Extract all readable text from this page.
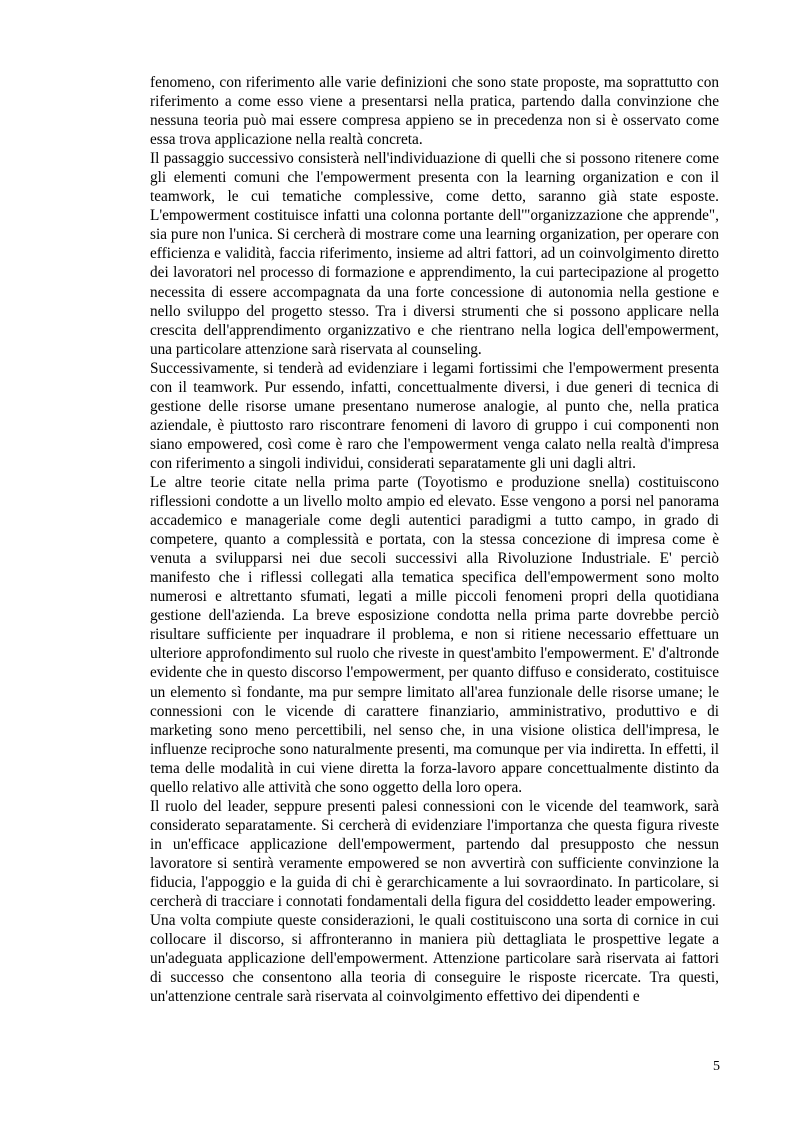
fenomeno, con riferimento alle varie definizioni che sono state proposte, ma soprattutto con riferimento a come esso viene a presentarsi nella pratica, partendo dalla convinzione che nessuna teoria può mai essere compresa appieno se in precedenza non si è osservato come essa trova applicazione nella realtà concreta.

Il passaggio successivo consisterà nell'individuazione di quelli che si possono ritenere come gli elementi comuni che l'empowerment presenta con la learning organization e con il teamwork, le cui tematiche complessive, come detto, saranno già state esposte. L'empowerment costituisce infatti una colonna portante dell'"organizzazione che apprende", sia pure non l'unica. Si cercherà di mostrare come una learning organization, per operare con efficienza e validità, faccia riferimento, insieme ad altri fattori, ad un coinvolgimento diretto dei lavoratori nel processo di formazione e apprendimento, la cui partecipazione al progetto necessita di essere accompagnata da una forte concessione di autonomia nella gestione e nello sviluppo del progetto stesso. Tra i diversi strumenti che si possono applicare nella crescita dell'apprendimento organizzativo e che rientrano nella logica dell'empowerment, una particolare attenzione sarà riservata al counseling.

Successivamente, si tenderà ad evidenziare i legami fortissimi che l'empowerment presenta con il teamwork. Pur essendo, infatti, concettualmente diversi, i due generi di tecnica di gestione delle risorse umane presentano numerose analogie, al punto che, nella pratica aziendale, è piuttosto raro riscontrare fenomeni di lavoro di gruppo i cui componenti non siano empowered, così come è raro che l'empowerment venga calato nella realtà d'impresa con riferimento a singoli individui, considerati separatamente gli uni dagli altri.

Le altre teorie citate nella prima parte (Toyotismo e produzione snella) costituiscono riflessioni condotte a un livello molto ampio ed elevato. Esse vengono a porsi nel panorama accademico e manageriale come degli autentici paradigmi a tutto campo, in grado di competere, quanto a complessità e portata, con la stessa concezione di impresa come è venuta a svilupparsi nei due secoli successivi alla Rivoluzione Industriale. E' perciò manifesto che i riflessi collegati alla tematica specifica dell'empowerment sono molto numerosi e altrettanto sfumati, legati a mille piccoli fenomeni propri della quotidiana gestione dell'azienda. La breve esposizione condotta nella prima parte dovrebbe perciò risultare sufficiente per inquadrare il problema, e non si ritiene necessario effettuare un ulteriore approfondimento sul ruolo che riveste in quest'ambito l'empowerment. E' d'altronde evidente che in questo discorso l'empowerment, per quanto diffuso e considerato, costituisce un elemento sì fondante, ma pur sempre limitato all'area funzionale delle risorse umane; le connessioni con le vicende di carattere finanziario, amministrativo, produttivo e di marketing sono meno percettibili, nel senso che, in una visione olistica dell'impresa, le influenze reciproche sono naturalmente presenti, ma comunque per via indiretta. In effetti, il tema delle modalità in cui viene diretta la forza-lavoro appare concettualmente distinto da quello relativo alle attività che sono oggetto della loro opera.

Il ruolo del leader, seppure presenti palesi connessioni con le vicende del teamwork, sarà considerato separatamente. Si cercherà di evidenziare l'importanza che questa figura riveste in un'efficace applicazione dell'empowerment, partendo dal presupposto che nessun lavoratore si sentirà veramente empowered se non avvertirà con sufficiente convinzione la fiducia, l'appoggio e la guida di chi è gerarchicamente a lui sovraordinato. In particolare, si cercherà di tracciare i connotati fondamentali della figura del cosiddetto leader empowering.

Una volta compiute queste considerazioni, le quali costituiscono una sorta di cornice in cui collocare il discorso, si affronteranno in maniera più dettagliata le prospettive legate a un'adeguata applicazione dell'empowerment. Attenzione particolare sarà riservata ai fattori di successo che consentono alla teoria di conseguire le risposte ricercate. Tra questi, un'attenzione centrale sarà riservata al coinvolgimento effettivo dei dipendenti e

5
